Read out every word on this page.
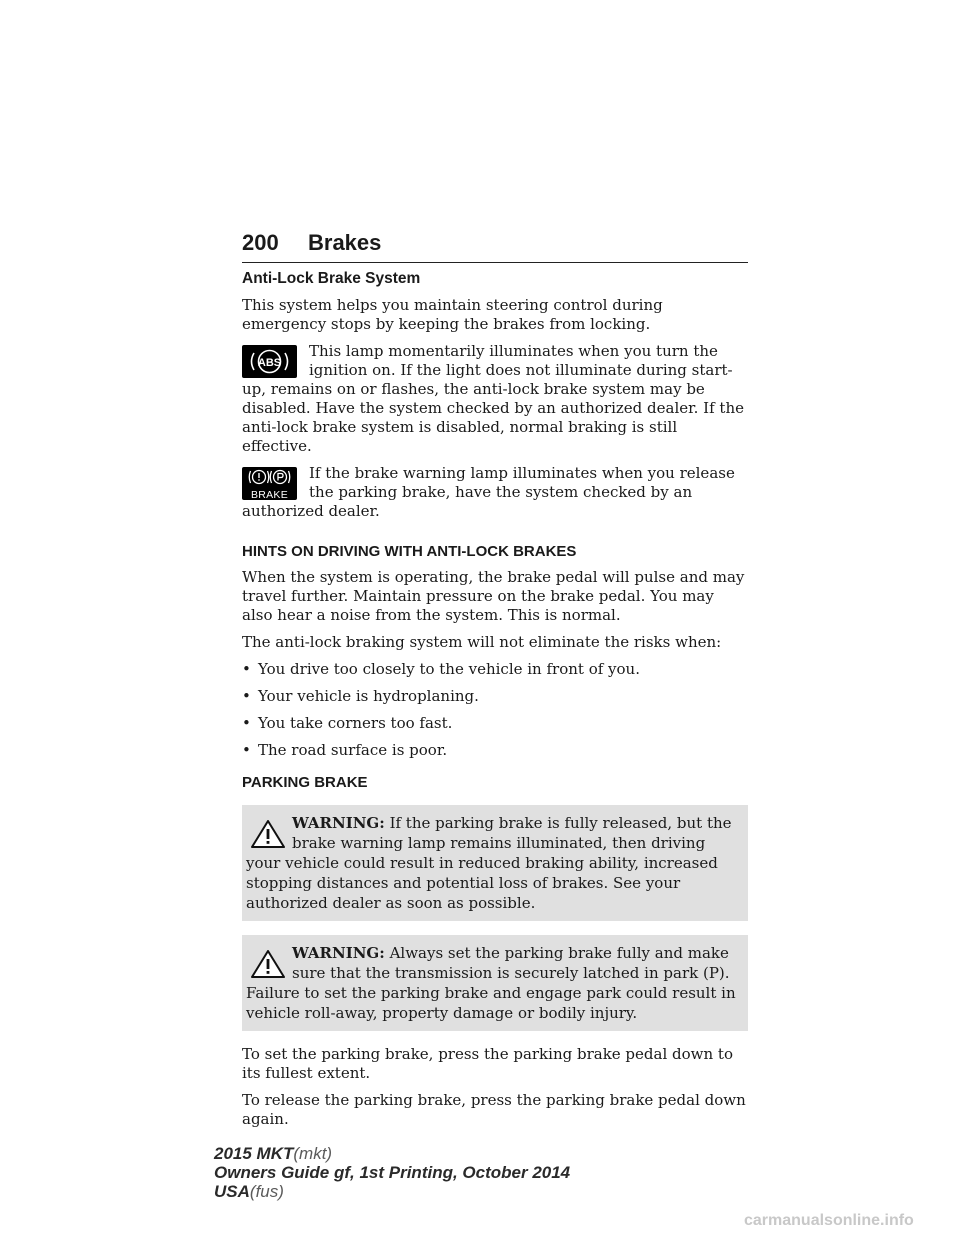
200 Brakes
Anti-Lock Brake System

This system helps you maintain steering control during emergency stops by keeping the brakes from locking.

ABS
This lamp momentarily illuminates when you turn the ignition on. If the light does not illuminate during start-up, remains on or flashes, the anti-lock brake system may be disabled. Have the system checked by an authorized dealer. If the anti-lock brake system is disabled, normal braking is still effective.
BRAKE
If the brake warning lamp illuminates when you release the parking brake, have the system checked by an authorized dealer.
HINTS ON DRIVING WITH ANTI-LOCK BRAKES

When the system is operating, the brake pedal will pulse and may travel further. Maintain pressure on the brake pedal. You may also hear a noise from the system. This is normal.

The anti-lock braking system will not eliminate the risks when:

• You drive too closely to the vehicle in front of you.
• Your vehicle is hydroplaning.
• You take corners too fast.
• The road surface is poor.
PARKING BRAKE
WARNING: If the parking brake is fully released, but the brake warning lamp remains illuminated, then driving your vehicle could result in reduced braking ability, increased stopping distances and potential loss of brakes. See your authorized dealer as soon as possible.
WARNING: Always set the parking brake fully and make sure that the transmission is securely latched in park (P). Failure to set the parking brake and engage park could result in vehicle roll-away, property damage or bodily injury.

To set the parking brake, press the parking brake pedal down to its fullest extent.

To release the parking brake, press the parking brake pedal down again.

2015 MKT(mkt)
Owners Guide gf, 1st Printing, October 2014
USA(fus)
carmanualsonline.info
